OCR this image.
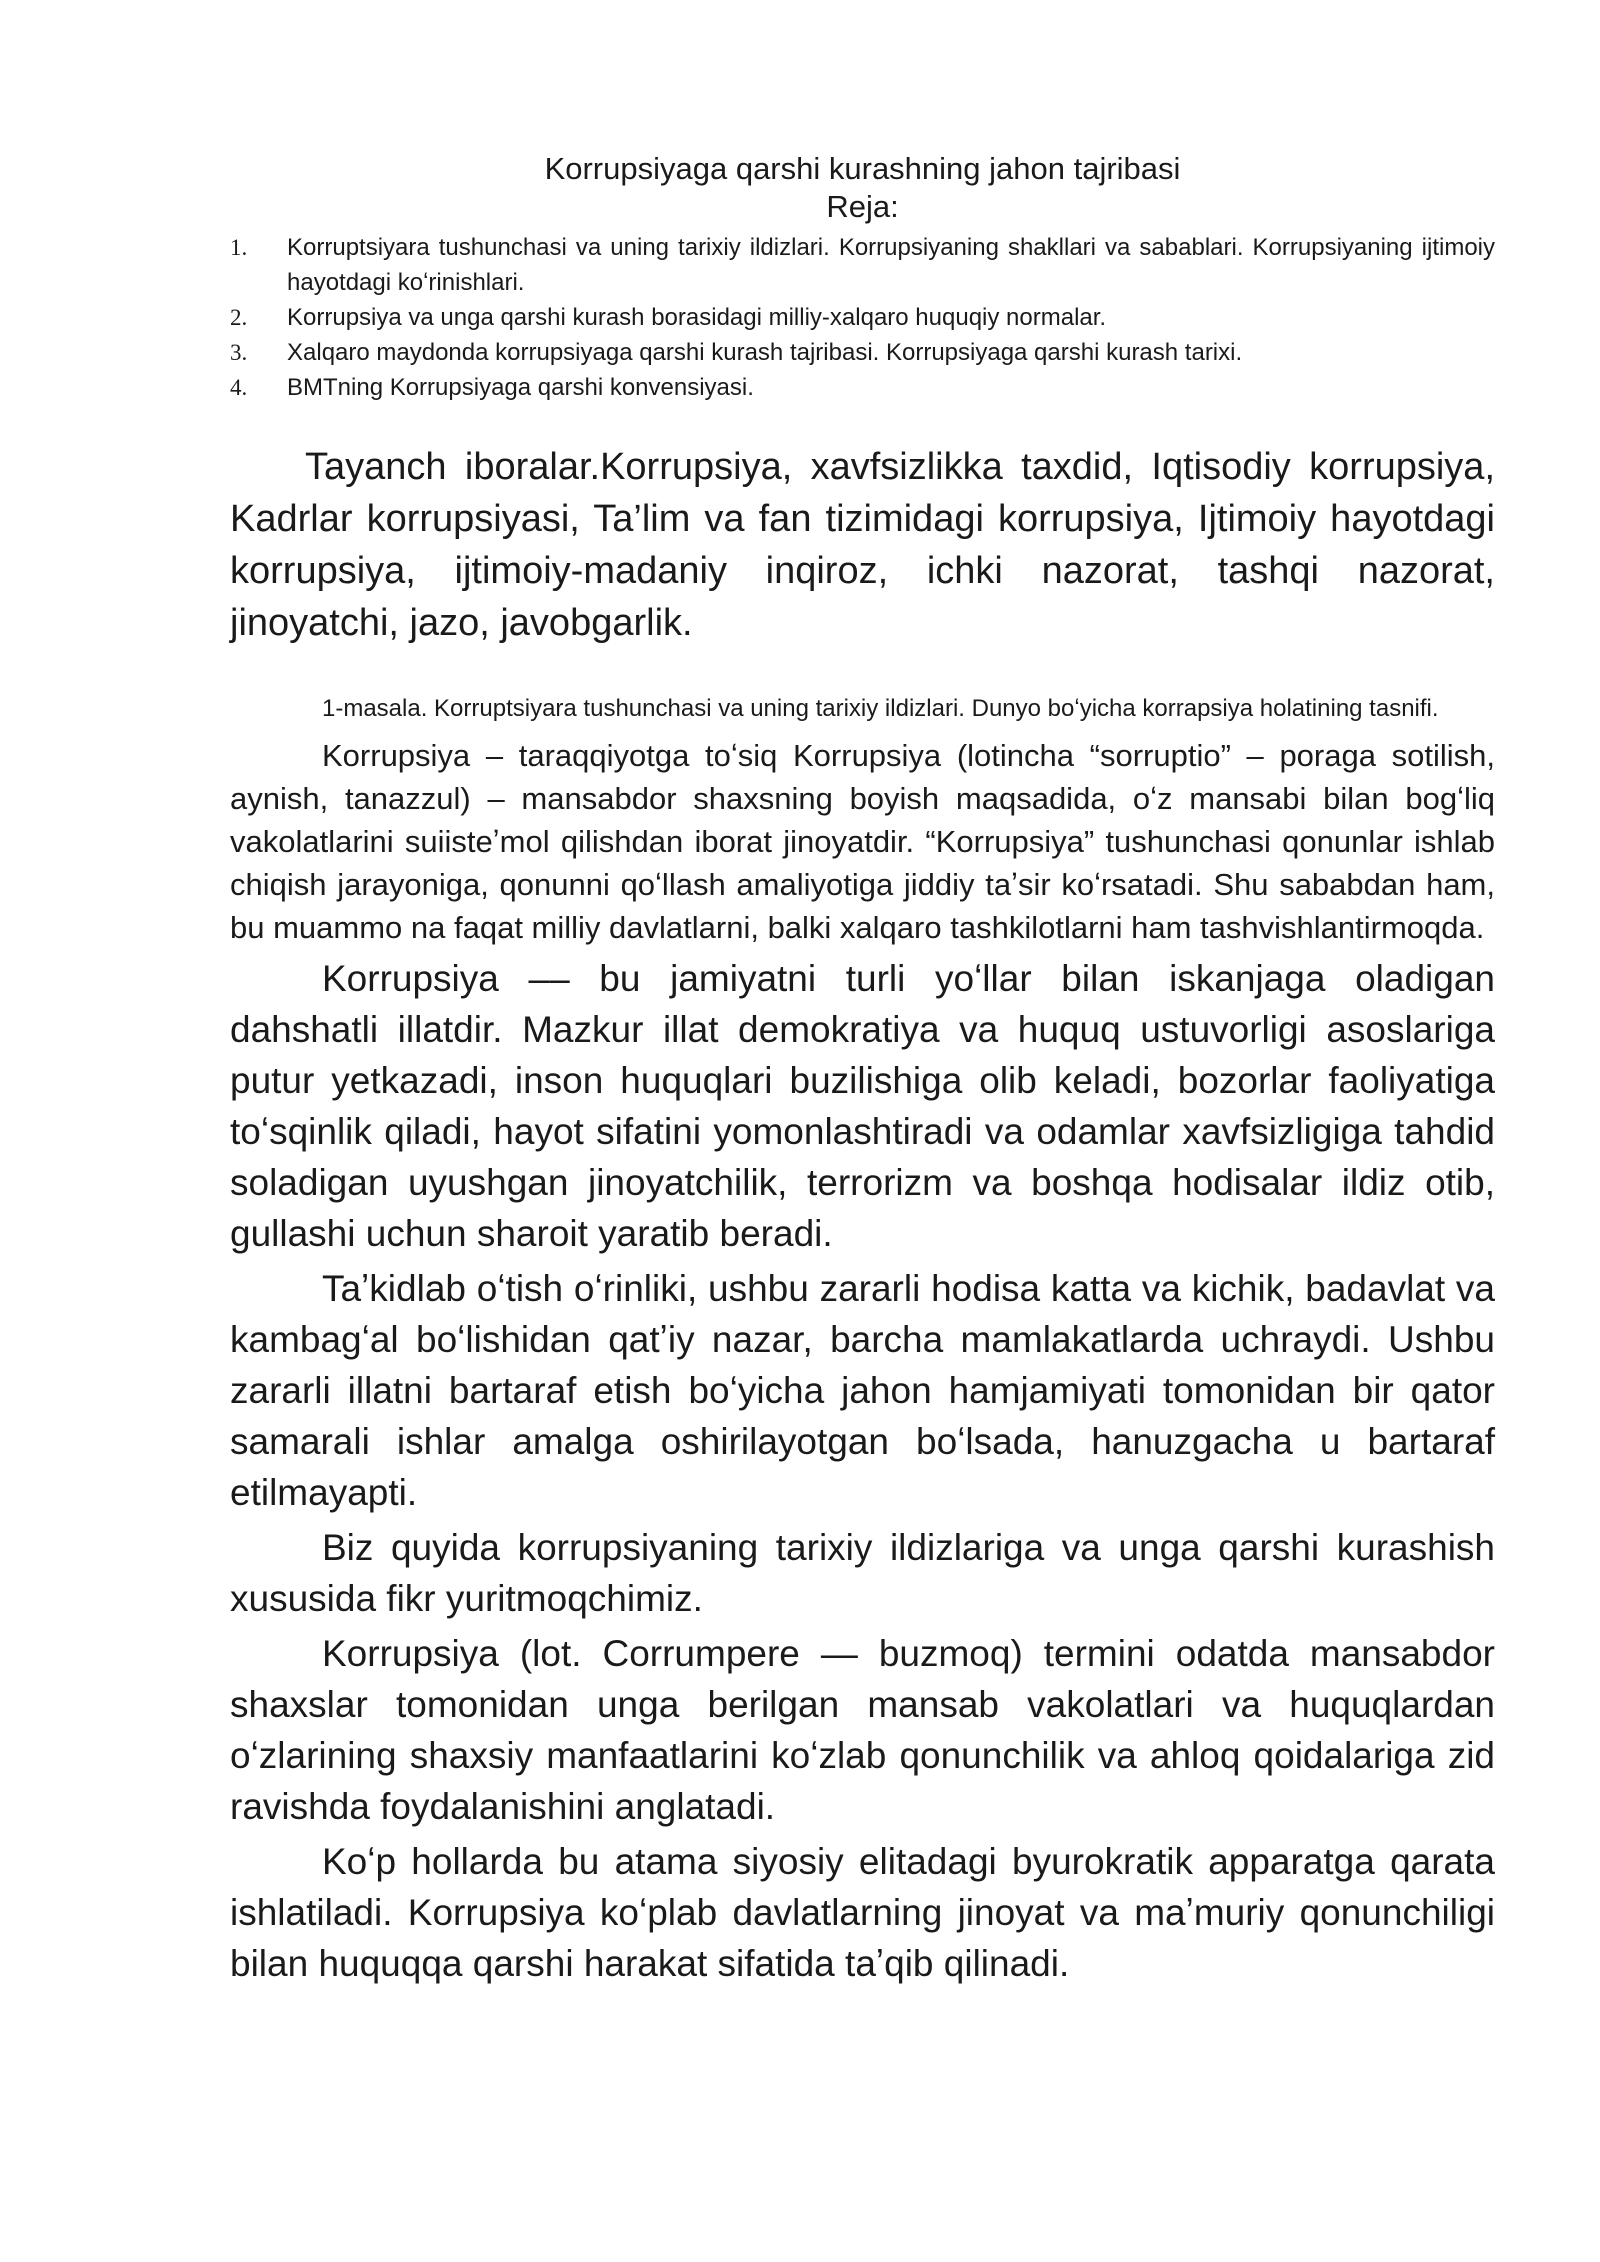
Korrupsiyaga qarshi kurashning jahon tajribasi

Reja:

1.	Korruptsiyara tushunchasi va uning tarixiy ildizlari. Korrupsiyaning shakllari va sabablari. Korrupsiyaning ijtimoiy hayotdagi koʻrinishlari.
2.	Korrupsiya va unga qarshi kurash borasidagi milliy-xalqaro huquqiy normalar.
3.	Xalqaro maydonda korrupsiyaga qarshi kurash tajribasi. Korrupsiyaga qarshi kurash tarixi.
4.	BMTning Korrupsiyaga qarshi konvensiyasi.

Tayanch iboralar.Korrupsiya, xavfsizlikka taxdid, Iqtisodiy korrupsiya, Kadrlar korrupsiyasi, Ta’lim va fan tizimidagi korrupsiya, Ijtimoiy hayotdagi korrupsiya, ijtimoiy-madaniy inqiroz, ichki nazorat, tashqi nazorat, jinoyatchi, jazo, javobgarlik.

1-masala. Korruptsiyara tushunchasi va uning tarixiy ildizlari. Dunyo boʻyicha korrapsiya holatining tasnifi.

Korrupsiya – taraqqiyotga toʻsiq Korrupsiya (lotincha “sorruptio” – poraga sotilish, aynish, tanazzul) – mansabdor shaxsning boyish maqsadida, oʻz mansabi bilan bogʻliq vakolatlarini suiisteʼmol qilishdan iborat jinoyatdir. “Korrupsiya” tushunchasi qonunlar ishlab chiqish jarayoniga, qonunni qoʻllash amaliyotiga jiddiy taʼsir koʻrsatadi. Shu sababdan ham, bu muammo na faqat milliy davlatlarni, balki xalqaro tashkilotlarni ham tashvishlantirmoqda.

Korrupsiya –– bu jamiyatni turli yoʻllar bilan iskanjaga oladigan dahshatli illatdir. Mazkur illat demokratiya va huquq ustuvorligi asoslariga putur yetkazadi, inson huquqlari buzilishiga olib keladi, bozorlar faoliyatiga toʻsqinlik qiladi, hayot sifatini yomonlashtiradi va odamlar xavfsizligiga tahdid soladigan uyushgan jinoyatchilik, terrorizm va boshqa hodisalar ildiz otib, gullashi uchun sharoit yaratib beradi.

Taʼkidlab oʻtish oʻrinliki, ushbu zararli hodisa katta va kichik, badavlat va kambagʻal boʻlishidan qatʼiy nazar, barcha mamlakatlarda uchraydi. Ushbu zararli illatni bartaraf etish boʻyicha jahon hamjamiyati tomonidan bir qator samarali ishlar amalga oshirilayotgan boʻlsada, hanuzgacha u bartaraf etilmayapti.

Biz quyida korrupsiyaning tarixiy ildizlariga va unga qarshi kurashish xususida fikr yuritmoqchimiz.

Korrupsiya (lot. Corrumpere — buzmoq) termini odatda mansabdor shaxslar tomonidan unga berilgan mansab vakolatlari va huquqlardan oʻzlarining shaxsiy manfaatlarini koʻzlab qonunchilik va ahloq qoidalariga zid ravishda foydalanishini anglatadi.

Koʻp hollarda bu atama siyosiy elitadagi byurokratik apparatga qarata ishlatiladi. Korrupsiya koʻplab davlatlarning jinoyat va maʼmuriy qonunchiligi bilan huquqqa qarshi harakat sifatida taʼqib qilinadi.
